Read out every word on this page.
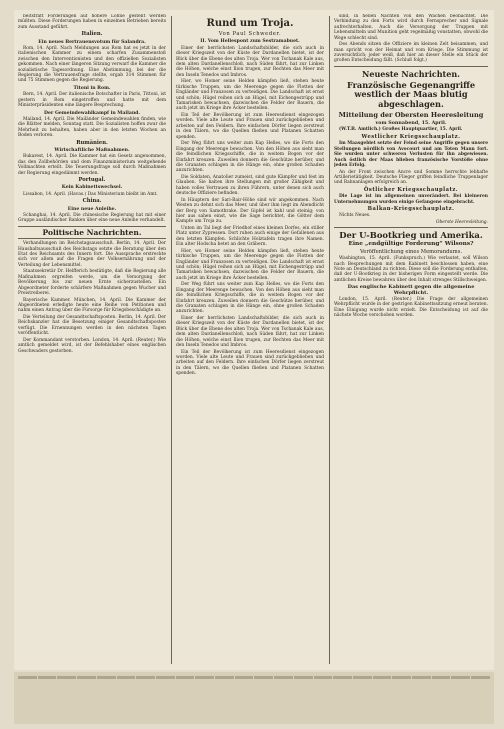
beitsfraft Forderungen auf höhere Löhne gestellt werden müßten. Diese Forderungen haben in einzelnen Betrieben bereits zum Ausstand geführt.

Italien.
Ein neues Bertrauensvotum für Salandra.

Rom, 14. April. Nach Meldungen aus Rom hat es jetzt in der italienischen Kammer zu einem scharfen Zusammenstoß zwischen den Interventionisten und den offiziellen Sozialisten gekommen. Nach einer längeren Sitzung verwarf die Kammer die sozialistische Tagesordnung. Eine Abstimmung, bei der die Regierung die Vertrauensfrage stellte, ergab 314 Stimmen für und 75 Stimmen gegen die Regierung.

Titoni in Rom.

Bern, 14. April. Der italienische Botschafter in Paris, Tittoni, ist gestern in Rom eingetroffen und hatte mit dem Ministerpräsidenten eine längere Besprechung.

Der Gemeindewahlkampf in Mailand.

Mailand, 14. April. Die Mailänder Gemeindewahlen finden, wie die Blätter melden, Sonntag statt. Die Sozialisten hoffen zwar die Mehrheit zu behalten, haben aber in den letzten Wochen an Boden verloren.

Rumänien.
Wirtschaftliche Maßnahmen.

Bukarest, 14. April. Die Kammer hat ein Gesetz angenommen, das den Zollbehörden und dem Finanzministerium weitgehende Vollmachten erteilt. Die Teuerungsfrage soll durch Maßnahmen der Regierung eingedämmt werden.

Portugal.
Kein Kabinettswechsel.

Lissabon, 14. April. (Havas.) Das Ministerium bleibt im Amt.

China.
Eine neue Anleihe.

Schanghai, 14. April. Die chinesische Regierung hat mit einer Gruppe ausländischer Banken über eine neue Anleihe verhandelt.

Politische Nachrichten.

Verhandlungen im Reichstagsausschuß. Berlin, 14. April. Der Haushaltsausschuß des Reichstags setzte die Beratung über den Etat des Reichsamts des Innern fort. Die Aussprache erstreckte sich vor allem auf die Fragen der Volksernährung und der Verteilung der Lebensmittel.

Staatssekretär Dr. Helfferich bestätigte, daß die Regierung alle Maßnahmen ergreifen werde, um die Versorgung der Bevölkerung bis zur neuen Ernte sicherzustellen. Ein Abgeordneter forderte schärfere Maßnahmen gegen Wucher und Preistreiberei.

Bayerische Kammer. München, 14. April. Die Kammer der Abgeordneten erledigte heute eine Reihe von Petitionen und nahm einen Antrag über die Fürsorge für Kriegsbeschädigte an.

Die Verteilung der Gesandtschaftsposten. Berlin, 14. April. Der Reichskanzler hat die Besetzung einiger Gesandtschaftsposten verfügt. Die Ernennungen werden in den nächsten Tagen veröffentlicht.

Der Kommandant verstorben. London, 14. April. (Reuter.) Wie amtlich gemeldet wird, ist der Befehlshaber eines englischen Geschwaders gestorben.

Rund um Troja.
Von Paul Schweder.
II. Vom Hellespont zum Sestramabuet.

Einer der herrlichsten Landschaftsbilder, die sich auch in dieser Kriegszeit von der Küste der Dardanellen bietet, ist der Blick über die Ebene des alten Troja. Wer von Tschanak Kale aus, dem alten Dardanellenschloß, nach Süden fährt, hat zur Linken die Höhen, welche einst Ilion trugen, zur Rechten das Meer mit den Inseln Tenedos und Imbros.

Hier, wo Homer seine Helden kämpfen ließ, stehen heute türkische Truppen, um die Meerenge gegen die Flotten der Engländer und Franzosen zu verteidigen. Die Landschaft ist ernst und schön; Hügel reihen sich an Hügel, mit Eichengestrüpp und Tamarisken bewachsen, dazwischen die Felder der Bauern, die auch jetzt im Kriege ihre Äcker bestellen.

Ein Teil der Bevölkerung ist zum Heeresdienst eingezogen worden. Viele alte Leute und Frauen sind zurückgeblieben und arbeiten auf den Feldern. Ihre einfachen Dörfer liegen zerstreut in den Tälern, wo die Quellen fließen und Platanen Schatten spenden.

Der Weg führt uns weiter zum Kap Helles, wo die Forts den Eingang der Meerenge bewachen. Von den Höhen aus sieht man die feindlichen Kriegsschiffe, die in weitem Bogen vor der Einfahrt kreuzen. Zuweilen donnern die Geschütze herüber, und die Granaten schlagen in die Hänge ein, ohne großen Schaden anzurichten.

Die Soldaten, Anatolier zumeist, sind gute Kämpfer und fest im Glauben. Sie halten ihre Stellungen mit großer Zähigkeit und haben volles Vertrauen zu ihren Führern, unter denen sich auch deutsche Offiziere befinden.

In Häuptern der Sari-Bair-Höhe sind wir angekommen. Nach Westen zu dehnt sich das Meer, und über ihm liegt im Abendlicht der Berg von Samothrake. Der Gipfel ist kahl und steinig; von hier aus sahen einst, wie die Sage berichtet, die Götter dem Kampfe um Troja zu.

Unten im Tal liegt der Friedhof eines kleinen Dorfes, ein stiller Platz unter Zypressen. Dort ruhen auch einige der Gefallenen aus den letzten Kämpfen. Schlichte Holztafeln tragen ihre Namen. Ein alter Hodscha betet an den Gräbern.

Hier, wo Homer seine Helden kämpfen ließ, stehen heute türkische Truppen, um die Meerenge gegen die Flotten der Engländer und Franzosen zu verteidigen. Die Landschaft ist ernst und schön; Hügel reihen sich an Hügel, mit Eichengestrüpp und Tamarisken bewachsen, dazwischen die Felder der Bauern, die auch jetzt im Kriege ihre Äcker bestellen.

Der Weg führt uns weiter zum Kap Helles, wo die Forts den Eingang der Meerenge bewachen. Von den Höhen aus sieht man die feindlichen Kriegsschiffe, die in weitem Bogen vor der Einfahrt kreuzen. Zuweilen donnern die Geschütze herüber, und die Granaten schlagen in die Hänge ein, ohne großen Schaden anzurichten.

Einer der herrlichsten Landschaftsbilder, die sich auch in dieser Kriegszeit von der Küste der Dardanellen bietet, ist der Blick über die Ebene des alten Troja. Wer von Tschanak Kale aus, dem alten Dardanellenschloß, nach Süden fährt, hat zur Linken die Höhen, welche einst Ilion trugen, zur Rechten das Meer mit den Inseln Tenedos und Imbros.

Ein Teil der Bevölkerung ist zum Heeresdienst eingezogen worden. Viele alte Leute und Frauen sind zurückgeblieben und arbeiten auf den Feldern. Ihre einfachen Dörfer liegen zerstreut in den Tälern, wo die Quellen fließen und Platanen Schatten spenden.

sind, in hellen Nächten von den Wachen beobachtet. Die Verbindung zu den Forts wird durch Fernsprecher und Signale aufrechterhalten. Auch die Versorgung der Truppen mit Lebensmitteln und Munition geht regelmäßig vonstatten, obwohl die Wege schlecht sind.

Des Abends sitzen die Offiziere im kleinen Zelt beisammen, und man spricht von der Heimat und vom Kriege. Die Stimmung ist zuversichtlich; jeder weiß, daß hier an dieser Stelle ein Stück der großen Entscheidung fällt. (Schluß folgt.)

Neueste Nachrichten.
Französische Gegenangriffe westlich der Maas blutig abgeschlagen.
Mitteilung der Obersten Heeresleitung
vom Sonnabend, 15. April.

(W.T.B. Amtlich.) Großes Hauptquartier, 15. April.

Westlicher Kriegsschauplatz.

Im Maasgebiet setzte der Feind seine Angriffe gegen unsere Stellungen nördlich von Avocourt und am Toten Mann fort. Sie wurden unter schweren Verlusten für ihn abgewiesen. Auch östlich der Maas blieben französische Vorstöße ohne jeden Erfolg.

An der Front zwischen Ancre und Somme herrschte lebhafte Artillerietätigkeit. Deutsche Flieger griffen feindliche Truppenlager und Bahnanlagen erfolgreich an.

Östlicher Kriegsschauplatz.

Die Lage ist im allgemeinen unverändert. Bei kleineren Unternehmungen wurden einige Gefangene eingebracht.

Balkan-Kriegsschauplatz.

Nichts Neues.

Oberste Heeresleitung.
Der U-Bootkrieg und Amerika.
Eine „endgültige Forderung“ Wilsons?
Veröffentlichung eines Memorandums.

Washington, 15. April. (Funkspruch.) Wie verlautet, soll Wilson nach Besprechungen mit dem Kabinett beschlossen haben, eine Note an Deutschland zu richten. Diese soll die Forderung enthalten, daß der U-Bootkrieg in der bisherigen Form eingestellt werde. Die amtlichen Kreise bewahren über den Inhalt strenges Stillschweigen.

Das englische Kabinett gegen die allgemeine Wehrpflicht.

London, 15. April. (Reuter.) Die Frage der allgemeinen Wehrpflicht wurde in der gestrigen Kabinettssitzung erneut beraten. Eine Einigung wurde nicht erzielt. Die Entscheidung ist auf die nächste Woche verschoben worden.
